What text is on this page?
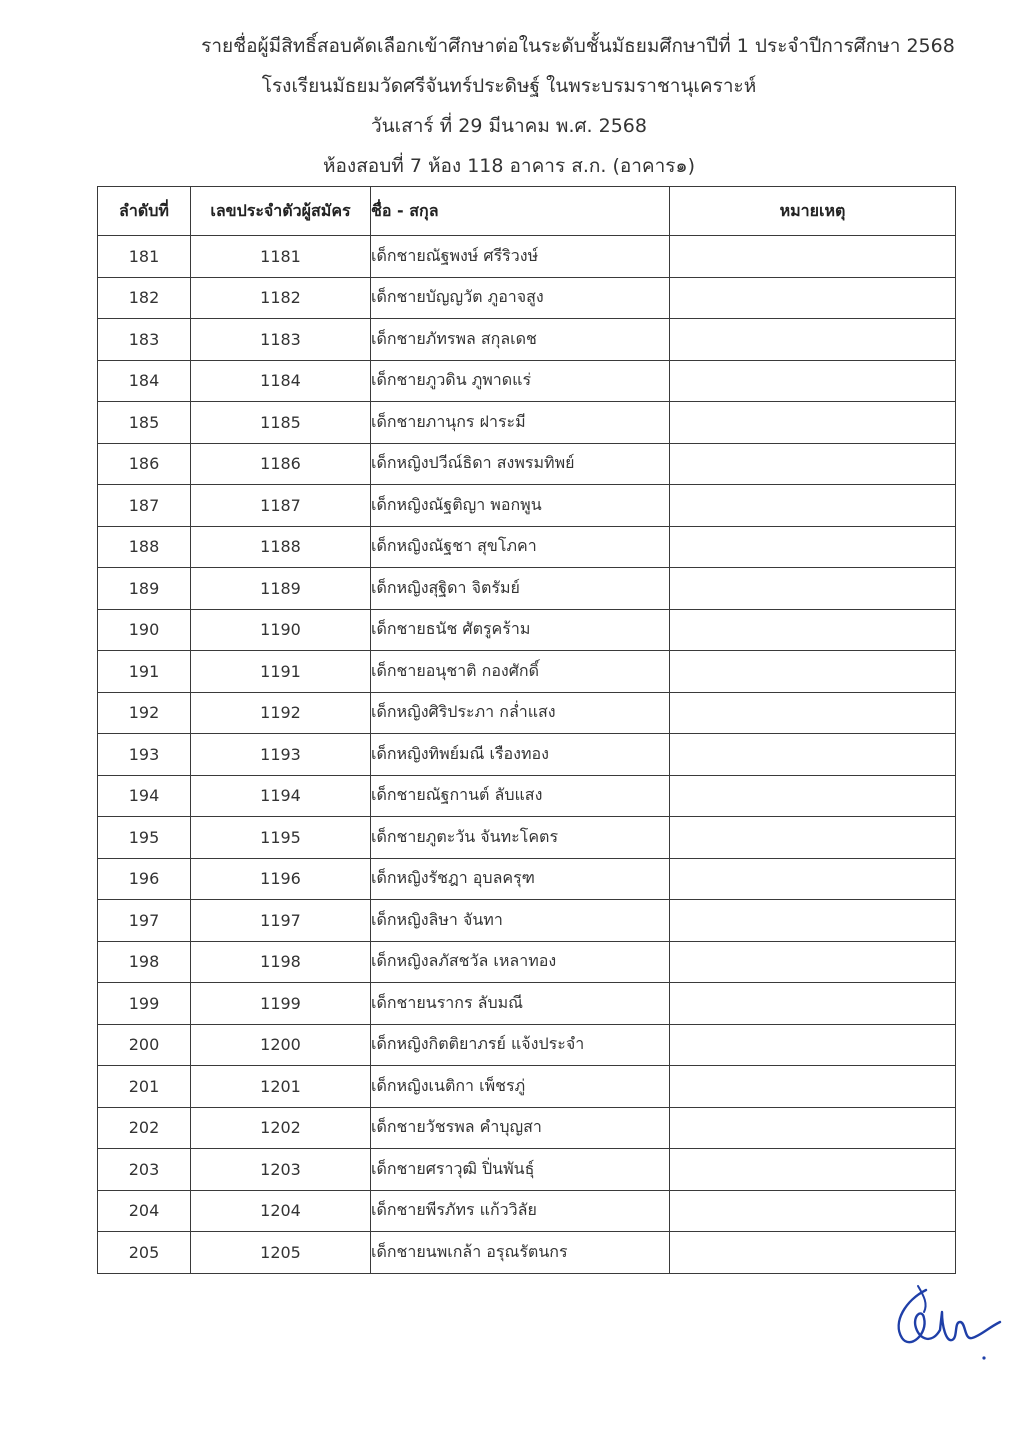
รายชื่อผู้มีสิทธิ์สอบคัดเลือกเข้าศึกษาต่อในระดับชั้นมัธยมศึกษาปีที่ 1 ประจำปีการศึกษา 2568
โรงเรียนมัธยมวัดศรีจันทร์ประดิษฐ์ ในพระบรมราชานุเคราะห์
วันเสาร์ ที่ 29 มีนาคม พ.ศ. 2568
ห้องสอบที่ 7 ห้อง 118 อาคาร ส.ก. (อาคาร๑)
ลำดับที่	เลขประจำตัวผู้สมัคร	ชื่อ - สกุล	หมายเหตุ
181	1181	เด็กชายณัฐพงษ์ ศรีริวงษ์	
182	1182	เด็กชายบัญญวัต ภูอาจสูง	
183	1183	เด็กชายภัทรพล สกุลเดช	
184	1184	เด็กชายภูวดิน ภูพาดแร่	
185	1185	เด็กชายภานุกร ฝาระมี	
186	1186	เด็กหญิงปวีณ์ธิดา สงพรมทิพย์	
187	1187	เด็กหญิงณัฐติญา พอกพูน	
188	1188	เด็กหญิงณัฐชา สุขโภคา	
189	1189	เด็กหญิงสุฐิดา จิตรัมย์	
190	1190	เด็กชายธนัช ศัตรูคร้าม	
191	1191	เด็กชายอนุชาติ กองศักดิ์	
192	1192	เด็กหญิงศิริประภา กล่ำแสง	
193	1193	เด็กหญิงทิพย์มณี เรืองทอง	
194	1194	เด็กชายณัฐกานต์ ลับแสง	
195	1195	เด็กชายภูตะวัน จันทะโคตร	
196	1196	เด็กหญิงรัชฎา อุบลครุฑ	
197	1197	เด็กหญิงลิษา จันทา	
198	1198	เด็กหญิงลภัสชวัล เหลาทอง	
199	1199	เด็กชายนรากร ลับมณี	
200	1200	เด็กหญิงกิตติยาภรย์ แจ้งประจำ	
201	1201	เด็กหญิงเนติกา เพ็ชรภู่	
202	1202	เด็กชายวัชรพล คำบุญสา	
203	1203	เด็กชายศราวุฒิ ปิ่นพันธุ์	
204	1204	เด็กชายพีรภัทร แก้ววิลัย	
205	1205	เด็กชายนพเกล้า อรุณรัตนกร	
